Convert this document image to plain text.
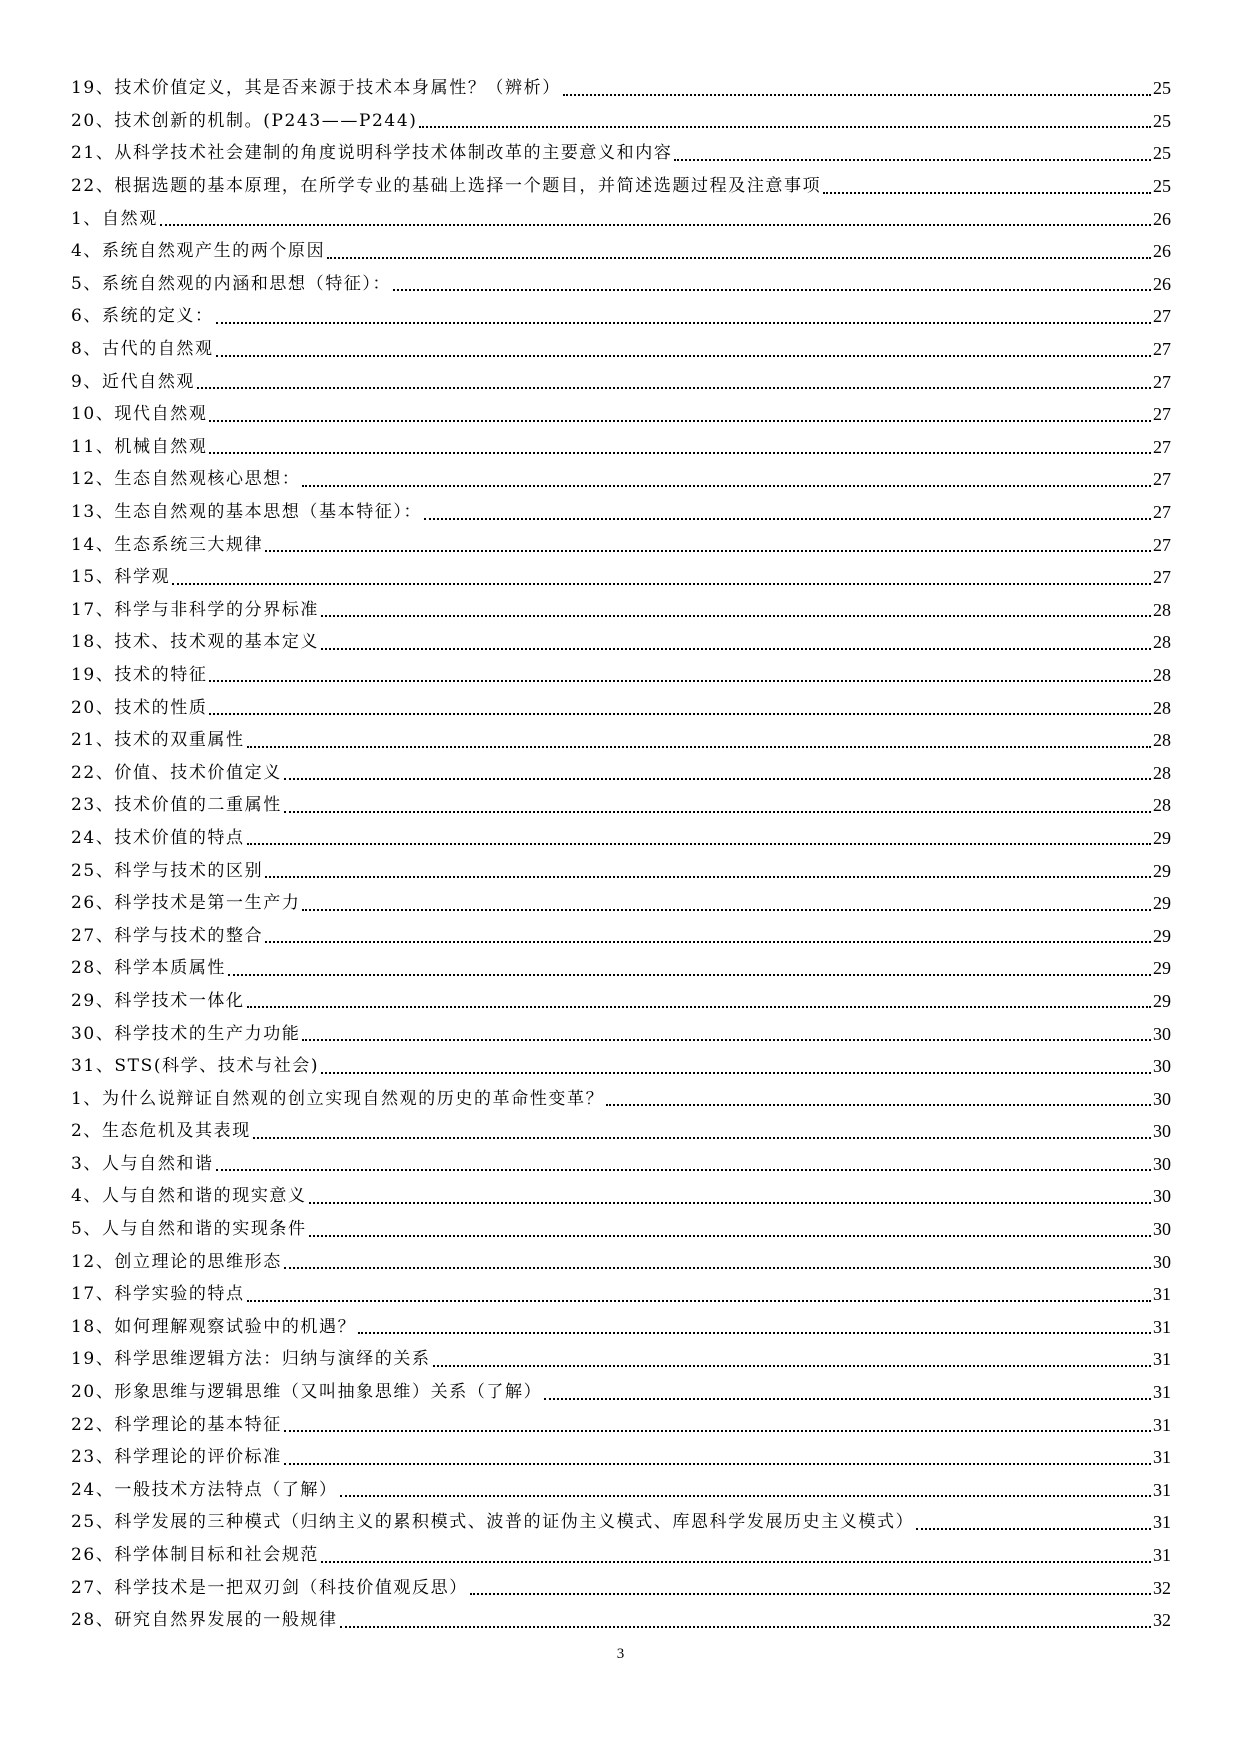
19、技术价值定义，其是否来源于技术本身属性？（辨析）	25
20、技术创新的机制。(P243——P244)	25
21、从科学技术社会建制的角度说明科学技术体制改革的主要意义和内容	25
22、根据选题的基本原理，在所学专业的基础上选择一个题目，并简述选题过程及注意事项	25
1、自然观	26
4、系统自然观产生的两个原因	26
5、系统自然观的内涵和思想（特征）：	26
6、系统的定义：	27
8、古代的自然观	27
9、近代自然观	27
10、现代自然观	27
11、机械自然观	27
12、生态自然观核心思想：	27
13、生态自然观的基本思想（基本特征）：	27
14、生态系统三大规律	27
15、科学观	27
17、科学与非科学的分界标准	28
18、技术、技术观的基本定义	28
19、技术的特征	28
20、技术的性质	28
21、技术的双重属性	28
22、价值、技术价值定义	28
23、技术价值的二重属性	28
24、技术价值的特点	29
25、科学与技术的区别	29
26、科学技术是第一生产力	29
27、科学与技术的整合	29
28、科学本质属性	29
29、科学技术一体化	29
30、科学技术的生产力功能	30
31、STS(科学、技术与社会)	30
1、为什么说辩证自然观的创立实现自然观的历史的革命性变革？	30
2、生态危机及其表现	30
3、人与自然和谐	30
4、人与自然和谐的现实意义	30
5、人与自然和谐的实现条件	30
12、创立理论的思维形态	30
17、科学实验的特点	31
18、如何理解观察试验中的机遇？	31
19、科学思维逻辑方法：归纳与演绎的关系	31
20、形象思维与逻辑思维（又叫抽象思维）关系（了解）	31
22、科学理论的基本特征	31
23、科学理论的评价标准	31
24、一般技术方法特点（了解）	31
25、科学发展的三种模式（归纳主义的累积模式、波普的证伪主义模式、库恩科学发展历史主义模式）	31
26、科学体制目标和社会规范	31
27、科学技术是一把双刃剑（科技价值观反思）	32
28、研究自然界发展的一般规律	32
3
